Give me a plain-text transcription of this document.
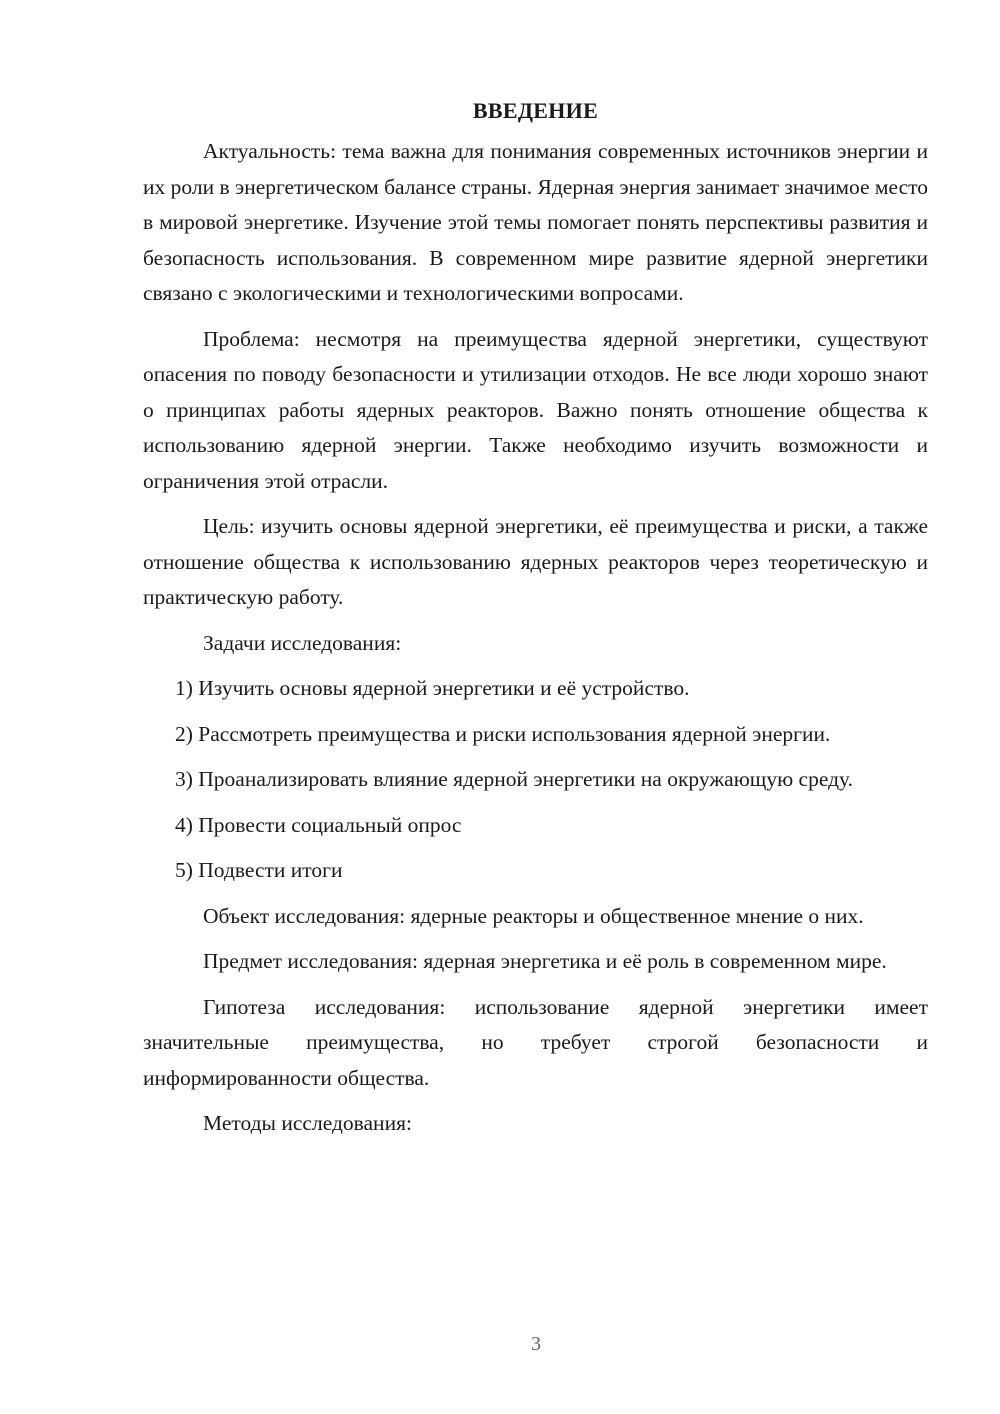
ВВЕДЕНИЕ

Актуальность: тема важна для понимания современных источников энергии и их роли в энергетическом балансе страны. Ядерная энергия занимает значимое место в мировой энергетике. Изучение этой темы помогает понять перспективы развития и безопасность использования. В современном мире развитие ядерной энергетики связано с экологическими и технологическими вопросами.

Проблема: несмотря на преимущества ядерной энергетики, существуют опасения по поводу безопасности и утилизации отходов. Не все люди хорошо знают о принципах работы ядерных реакторов. Важно понять отношение общества к использованию ядерной энергии. Также необходимо изучить возможности и ограничения этой отрасли.

Цель: изучить основы ядерной энергетики, её преимущества и риски, а также отношение общества к использованию ядерных реакторов через теоретическую и практическую работу.

Задачи исследования:

1) Изучить основы ядерной энергетики и её устройство.

2) Рассмотреть преимущества и риски использования ядерной энергии.

3) Проанализировать влияние ядерной энергетики на окружающую среду.

4) Провести социальный опрос

5) Подвести итоги

Объект исследования: ядерные реакторы и общественное мнение о них.

Предмет исследования: ядерная энергетика и её роль в современном мире.

Гипотеза исследования: использование ядерной энергетики имеет значительные преимущества, но требует строгой безопасности и информированности общества.

Методы исследования:

3
